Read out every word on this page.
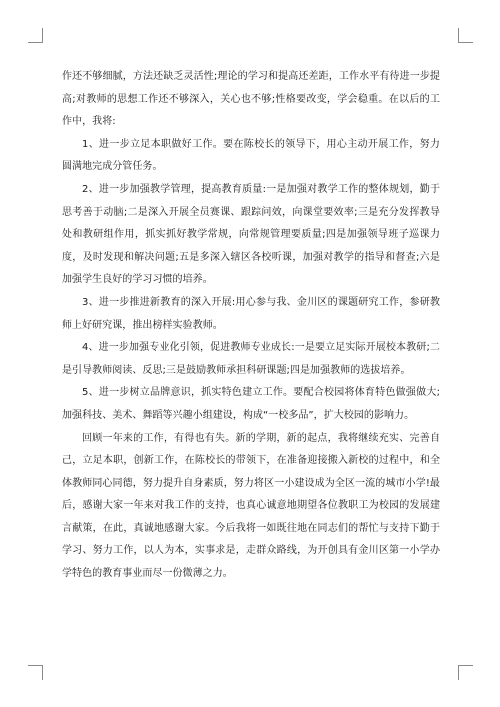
作还不够细腻，方法还缺乏灵活性;理论的学习和提高还差距，工作水平有待进一步提高;对教师的思想工作还不够深入，关心也不够;性格要改变，学会稳重。在以后的工作中，我将:

1、进一步立足本职做好工作。要在陈校长的领导下，用心主动开展工作，努力圆满地完成分管任务。

2、进一步加强教学管理，提高教育质量:一是加强对教学工作的整体规划，勤于思考善于动脑;二是深入开展全员赛课、跟踪问效，向课堂要效率;三是充分发挥教导处和教研组作用，抓实抓好教学常规，向常规管理要质量;四是加强领导班子巡课力度，及时发现和解决问题;五是多深入辖区各校听课，加强对教学的指导和督查;六是加强学生良好的学习习惯的培养。

3、进一步推进新教育的深入开展:用心参与我、金川区的课题研究工作，参研教师上好研究课，推出榜样实验教师。

4、进一步加强专业化引领，促进教师专业成长:一是要立足实际开展校本教研;二是引导教师阅读、反思;三是鼓励教师承担科研课题;四是加强教师的选拔培养。

5、进一步树立品牌意识，抓实特色建立工作。要配合校园将体育特色做强做大;加强科技、美术、舞蹈等兴趣小组建设，构成“一校多品”，扩大校园的影响力。

回顾一年来的工作，有得也有失。新的学期，新的起点，我将继续充实、完善自己，立足本职，创新工作，在陈校长的带领下，在准备迎接搬入新校的过程中，和全体教师同心同德，努力提升自身素质，努力将区一小建设成为全区一流的城市小学!最后，感谢大家一年来对我工作的支持，也真心诚意地期望各位教职工为校园的发展建言献策，在此，真诚地感谢大家。今后我将一如既往地在同志们的帮忙与支持下勤于学习、努力工作，以人为本，实事求是，走群众路线，为开创具有金川区第一小学办学特色的教育事业而尽一份微薄之力。
